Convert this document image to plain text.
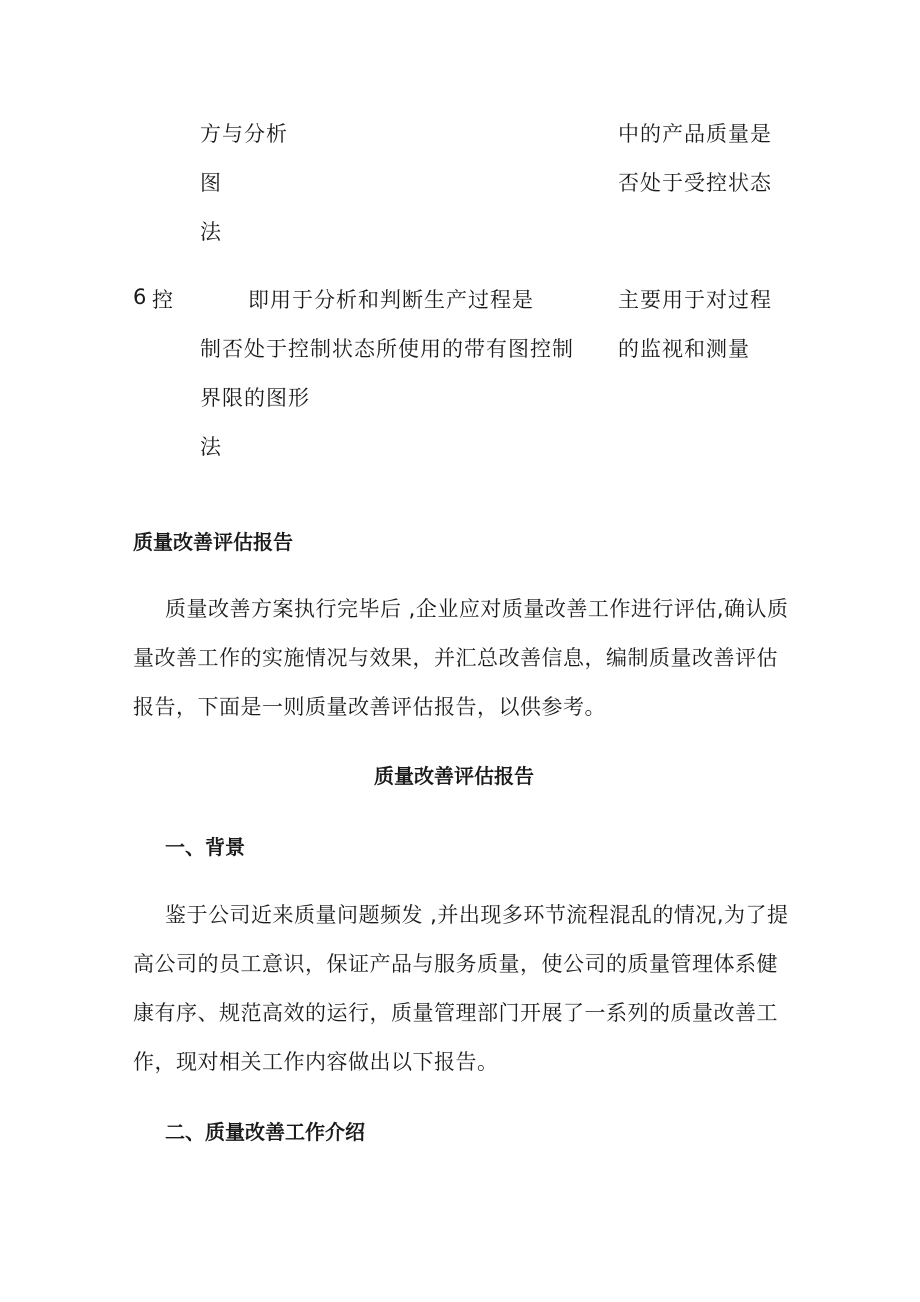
方与分析
图
法
中的产品质量是
否处于受控状态
6 控	即用于分析和判断生产过程是
制否处于控制状态所使用的带有图控制
界限的图形
法
主要用于对过程
的监视和测量
质量改善评估报告
质量改善方案执行完毕后 ,企业应对质量改善工作进行评估,确认质
量改善工作的实施情况与效果，并汇总改善信息，编制质量改善评估
报告，下面是一则质量改善评估报告，以供参考。
质量改善评估报告
一、背景
鉴于公司近来质量问题频发 ,并出现多环节流程混乱的情况,为了提
高公司的员工意识，保证产品与服务质量，使公司的质量管理体系健
康有序、规范高效的运行，质量管理部门开展了一系列的质量改善工
作，现对相关工作内容做出以下报告。
二、质量改善工作介绍
